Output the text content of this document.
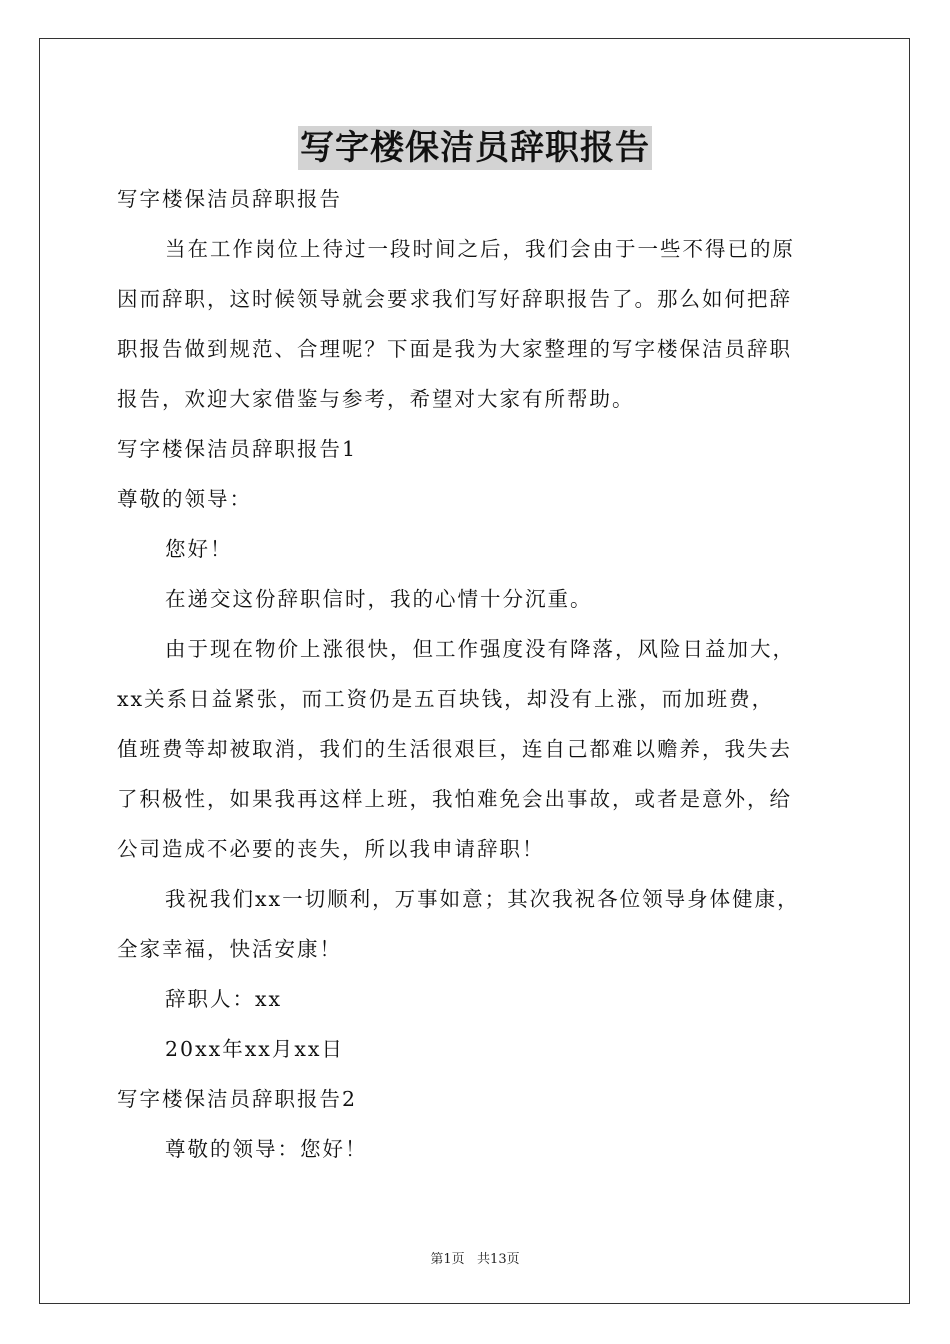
写字楼保洁员辞职报告
写字楼保洁员辞职报告
当在工作岗位上待过一段时间之后，我们会由于一些不得已的原
因而辞职，这时候领导就会要求我们写好辞职报告了。那么如何把辞
职报告做到规范、合理呢？下面是我为大家整理的写字楼保洁员辞职
报告，欢迎大家借鉴与参考，希望对大家有所帮助。
写字楼保洁员辞职报告1
尊敬的领导：
您好！
在递交这份辞职信时，我的心情十分沉重。
由于现在物价上涨很快，但工作强度没有降落，风险日益加大，
xx关系日益紧张，而工资仍是五百块钱，却没有上涨，而加班费，
值班费等却被取消，我们的生活很艰巨，连自己都难以赡养，我失去
了积极性，如果我再这样上班，我怕难免会出事故，或者是意外，给
公司造成不必要的丧失，所以我申请辞职！
我祝我们xx一切顺利，万事如意；其次我祝各位领导身体健康，
全家幸福，快活安康！
辞职人：xx
20xx年xx月xx日
写字楼保洁员辞职报告2
尊敬的领导：您好！
第1页   共13页
